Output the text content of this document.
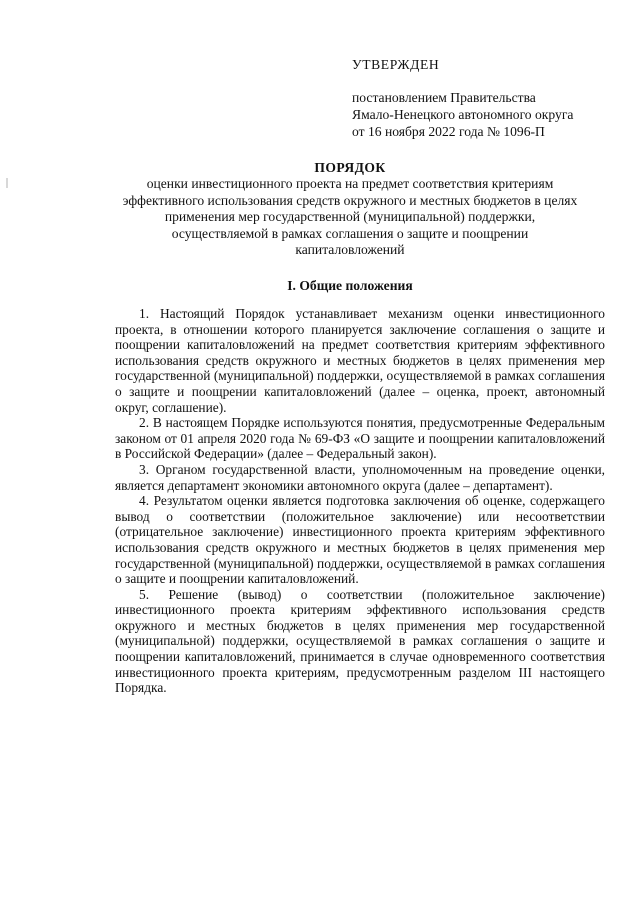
УТВЕРЖДЕН
постановлением Правительства
Ямало-Ненецкого автономного округа
от 16 ноября 2022 года № 1096-П
ПОРЯДОК
оценки инвестиционного проекта на предмет соответствия критериям
эффективного использования средств окружного и местных бюджетов в целях
применения мер государственной (муниципальной) поддержки,
осуществляемой в рамках соглашения о защите и поощрении
капиталовложений
I. Общие положения

1. Настоящий Порядок устанавливает механизм оценки инвестиционного проекта, в отношении которого планируется заключение соглашения о защите и поощрении капиталовложений на предмет соответствия критериям эффективного использования средств окружного и местных бюджетов в целях применения мер государственной (муниципальной) поддержки, осуществляемой в рамках соглашения о защите и поощрении капиталовложений (далее – оценка, проект, автономный округ, соглашение).

2. В настоящем Порядке используются понятия, предусмотренные Федеральным законом от 01 апреля 2020 года № 69-ФЗ «О защите и поощрении капиталовложений в Российской Федерации» (далее – Федеральный закон).

3. Органом государственной власти, уполномоченным на проведение оценки, является департамент экономики автономного округа (далее – департамент).

4. Результатом оценки является подготовка заключения об оценке, содержащего вывод о соответствии (положительное заключение) или несоответствии (отрицательное заключение) инвестиционного проекта критериям эффективного использования средств окружного и местных бюджетов в целях применения мер государственной (муниципальной) поддержки, осуществляемой в рамках соглашения о защите и поощрении капиталовложений.

5. Решение (вывод) о соответствии (положительное заключение) инвестиционного проекта критериям эффективного использования средств окружного и местных бюджетов в целях применения мер государственной (муниципальной) поддержки, осуществляемой в рамках соглашения о защите и поощрении капиталовложений, принимается в случае одновременного соответствия инвестиционного проекта критериям, предусмотренным разделом III настоящего Порядка.
